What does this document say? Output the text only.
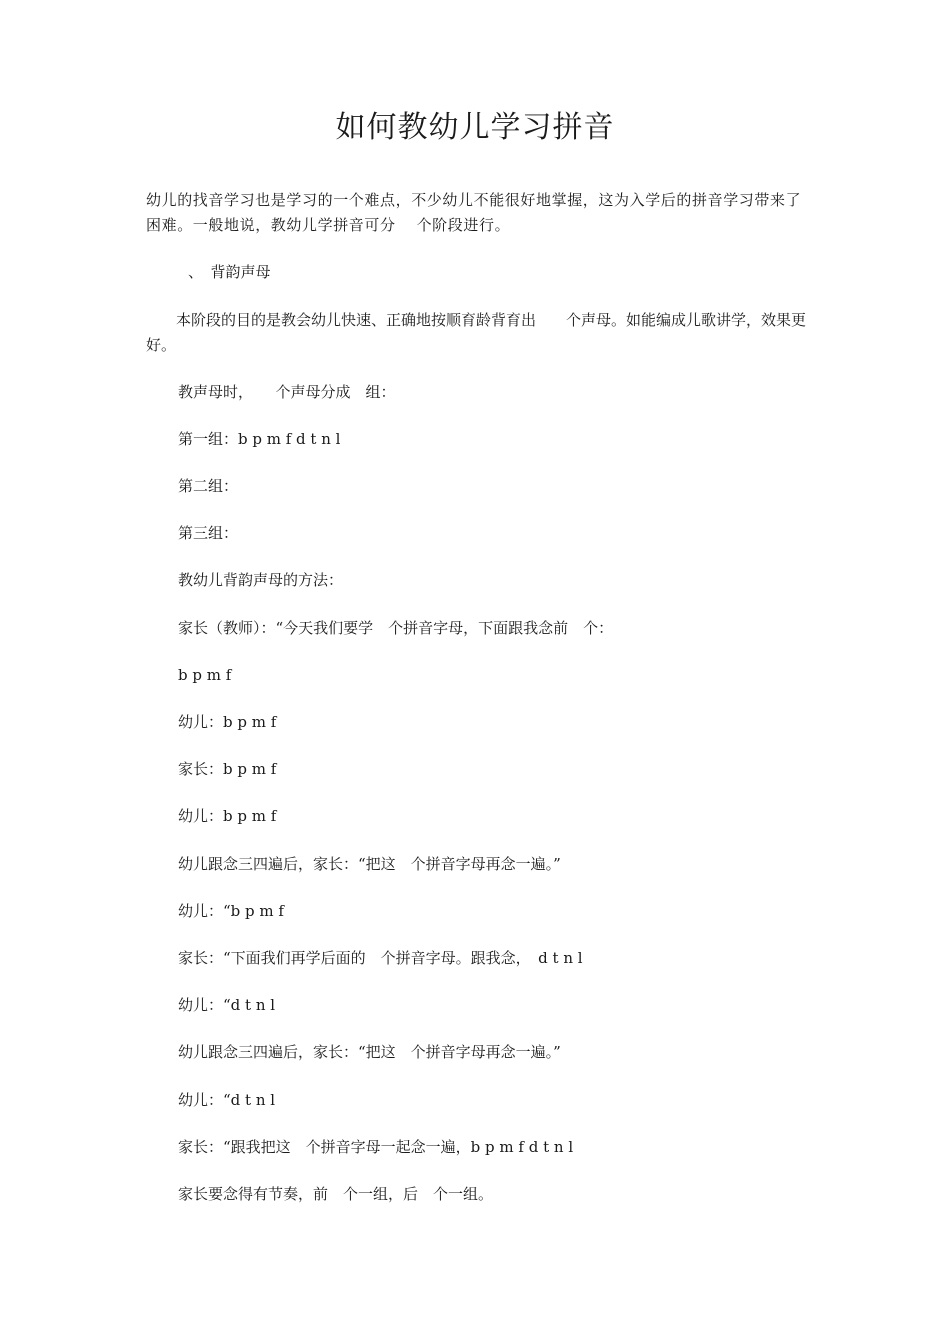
如何教幼儿学习拼音
幼儿的找音学习也是学习的一个难点，不少幼儿不能很好地掌握，这为入学后的拼音学习带来了困难。一般地说，教幼儿学拼音可分　 个阶段进行。
、　背韵声母
　　本阶段的目的是教会幼儿快速、正确地按顺育龄背育出　　个声母。如能编成儿歌讲学，效果更好。
教声母时，　　个声母分成　组：
第一组：b p m f d t n l
第二组：
第三组：
教幼儿背韵声母的方法：
家长（教师）：“今天我们要学　个拼音字母，下面跟我念前　个：
b p m f
幼儿：b p m f
家长：b p m f
幼儿：b p m f
幼儿跟念三四遍后，家长：“把这　个拼音字母再念一遍。”
幼儿：“b p m f
家长：“下面我们再学后面的　个拼音字母。跟我念，　d t n l
幼儿：“d t n l
幼儿跟念三四遍后，家长：“把这　个拼音字母再念一遍。”
幼儿：“d t n l
家长：“跟我把这　个拼音字母一起念一遍，b p m f d t n l
家长要念得有节奏，前　个一组，后　个一组。
